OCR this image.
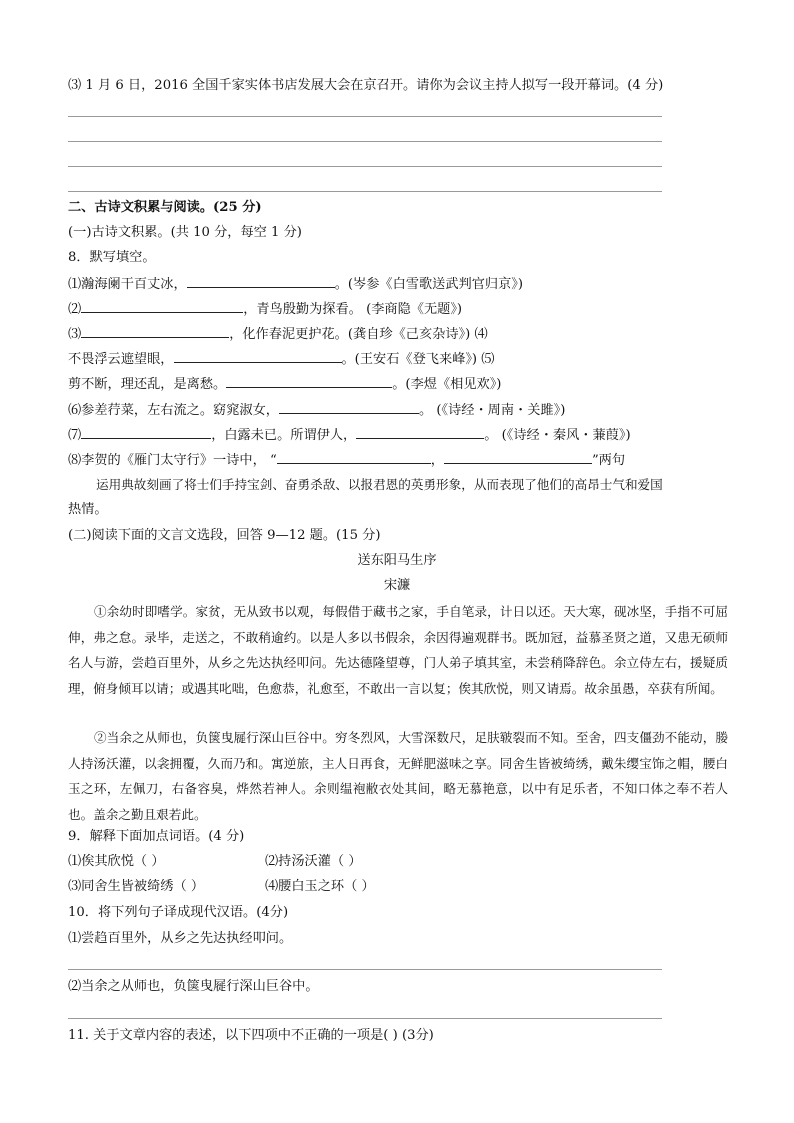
⑶ 1 月 6 日，2016 全国千家实体书店发展大会在京召开。请你为会议主持人拟写一段开幕词。(4 分)
二、古诗文积累与阅读。(25 分)
(一)古诗文积累。(共 10 分，每空 1 分)
8．默写填空。
⑴瀚海阑干百丈冰，	。(岑参《白雪歌送武判官归京》)
⑵	，青鸟殷勤为探看。 (李商隐《无题》)
⑶	，化作春泥更护花。(龚自珍《己亥杂诗》) ⑷
不畏浮云遮望眼，	。(王安石《登飞来峰》) ⑸
剪不断，理还乱，是离愁。	。(李煜《相见欢》)
⑹参差荇菜，左右流之。窈窕淑女，	。 (《诗经・周南・关雎》)
⑺	，白露未已。所谓伊人，	。 (《诗经・秦风・蒹葭》)
⑻李贺的《雁门太守行》一诗中， “	，	”两句
运用典故刻画了将士们手持宝剑、奋勇杀敌、以报君恩的英勇形象，从而表现了他们的高昂士气和爱国
热情。
(二)阅读下面的文言文选段，回答 9—12 题。(15 分)
送东阳马生序
宋濂
①余幼时即嗜学。家贫，无从致书以观，每假借于藏书之家，手自笔录，计日以还。天大寒，砚冰坚，手指不可屈伸，弗之怠。录毕，走送之，不敢稍逾约。以是人多以书假余，余因得遍观群书。既加冠，益慕圣贤之道，又患无硕师名人与游，尝趋百里外，从乡之先达执经叩问。先达德隆望尊，门人弟子填其室，未尝稍降辞色。余立侍左右，援疑质理，俯身倾耳以请；或遇其叱咄，色愈恭，礼愈至，不敢出一言以复；俟其欣悦，则又请焉。故余虽愚，卒获有所闻。
②当余之从师也，负箧曳屣行深山巨谷中。穷冬烈风，大雪深数尺，足肤皲裂而不知。至舍，四支僵劲不能动，媵人持汤沃灌，以衾拥覆，久而乃和。寓逆旅，主人日再食，无鲜肥滋味之享。同舍生皆被绮绣，戴朱缨宝饰之帽，腰白玉之环，左佩刀，右备容臭，烨然若神人。余则缊袍敝衣处其间，略无慕艳意，以中有足乐者，不知口体之奉不若人也。盖余之勤且艰若此。
9．解释下面加点词语。(4 分)
⑴俟其欣悦（ ）	⑵持汤沃灌（ ）
⑶同舍生皆被绮绣（ ）	⑷腰白玉之环（ ）
10．将下列句子译成现代汉语。(4分)
⑴尝趋百里外，从乡之先达执经叩问。
⑵当余之从师也，负箧曳屣行深山巨谷中。
11. 关于文章内容的表述，以下四项中不正确的一项是( ) (3分)
